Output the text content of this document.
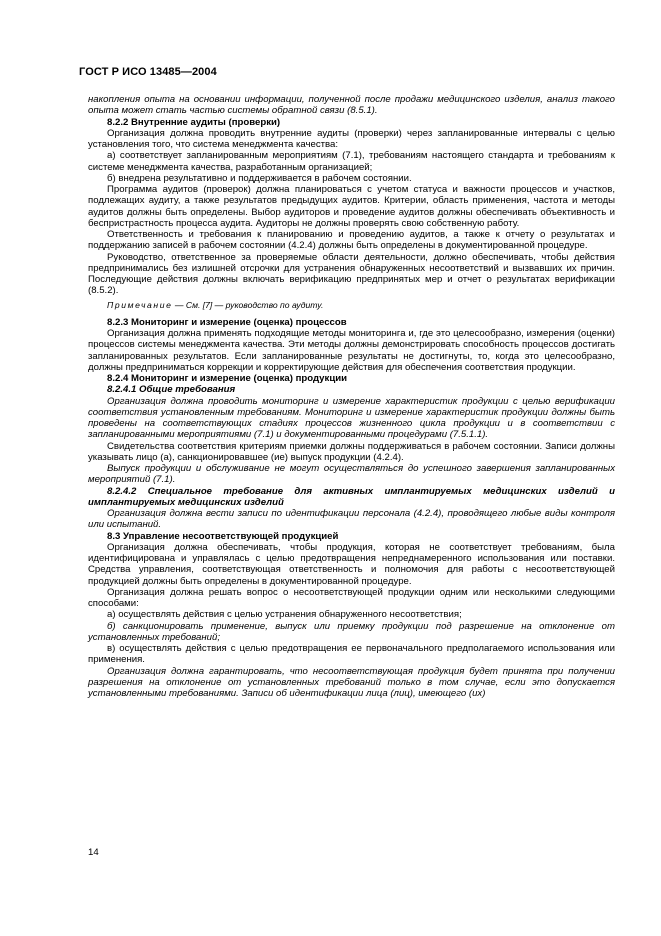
ГОСТ Р ИСО 13485—2004

накопления опыта на основании информации, полученной после продажи медицинского изделия, анализ такого опыта может стать частью системы обратной связи (8.5.1).

8.2.2 Внутренние аудиты (проверки)

Организация должна проводить внутренние аудиты (проверки) через запланированные интервалы с целью установления того, что система менеджмента качества:

а) соответствует запланированным мероприятиям (7.1), требованиям настоящего стандарта и требованиям к системе менеджмента качества, разработанным организацией;

б) внедрена результативно и поддерживается в рабочем состоянии.

Программа аудитов (проверок) должна планироваться с учетом статуса и важности процессов и участков, подлежащих аудиту, а также результатов предыдущих аудитов. Критерии, область применения, частота и методы аудитов должны быть определены. Выбор аудиторов и проведение аудитов должны обеспечивать объективность и беспристрастность процесса аудита. Аудиторы не должны проверять свою собственную работу.

Ответственность и требования к планированию и проведению аудитов, а также к отчету о результатах и поддержанию записей в рабочем состоянии (4.2.4) должны быть определены в документированной процедуре.

Руководство, ответственное за проверяемые области деятельности, должно обеспечивать, чтобы действия предпринимались без излишней отсрочки для устранения обнаруженных несоответствий и вызвавших их причин. Последующие действия должны включать верификацию предпринятых мер и отчет о результатах верификации (8.5.2).

Примечание — См. [7] — руководство по аудиту.

8.2.3 Мониторинг и измерение (оценка) процессов

Организация должна применять подходящие методы мониторинга и, где это целесообразно, измерения (оценки) процессов системы менеджмента качества. Эти методы должны демонстрировать способность процессов достигать запланированных результатов. Если запланированные результаты не достигнуты, то, когда это целесообразно, должны предприниматься коррекции и корректирующие действия для обеспечения соответствия продукции.

8.2.4 Мониторинг и измерение (оценка) продукции

8.2.4.1 Общие требования

Организация должна проводить мониторинг и измерение характеристик продукции с целью верификации соответствия установленным требованиям. Мониторинг и измерение характеристик продукции должны быть проведены на соответствующих стадиях процессов жизненного цикла продукции и в соответствии с запланированными мероприятиями (7.1) и документированными процедурами (7.5.1.1).

Свидетельства соответствия критериям приемки должны поддерживаться в рабочем состоянии. Записи должны указывать лицо (а), санкционировавшее (ие) выпуск продукции (4.2.4).

Выпуск продукции и обслуживание не могут осуществляться до успешного завершения запланированных мероприятий (7.1).

8.2.4.2 Специальное требование для активных имплантируемых медицинских изделий и имплантируемых медицинских изделий

Организация должна вести записи по идентификации персонала (4.2.4), проводящего любые виды контроля или испытаний.

8.3 Управление несоответствующей продукцией

Организация должна обеспечивать, чтобы продукция, которая не соответствует требованиям, была идентифицирована и управлялась с целью предотвращения непреднамеренного использования или поставки. Средства управления, соответствующая ответственность и полномочия для работы с несоответствующей продукцией должны быть определены в документированной процедуре.

Организация должна решать вопрос о несоответствующей продукции одним или несколькими следующими способами:

а) осуществлять действия с целью устранения обнаруженного несоответствия;

б) санкционировать применение, выпуск или приемку продукции под разрешение на отклонение от установленных требований;

в) осуществлять действия с целью предотвращения ее первоначального предполагаемого использования или применения.

Организация должна гарантировать, что несоответствующая продукция будет принята при получении разрешения на отклонение от установленных требований только в том случае, если это допускается установленными требованиями. Записи об идентификации лица (лиц), имеющего (их)

14
